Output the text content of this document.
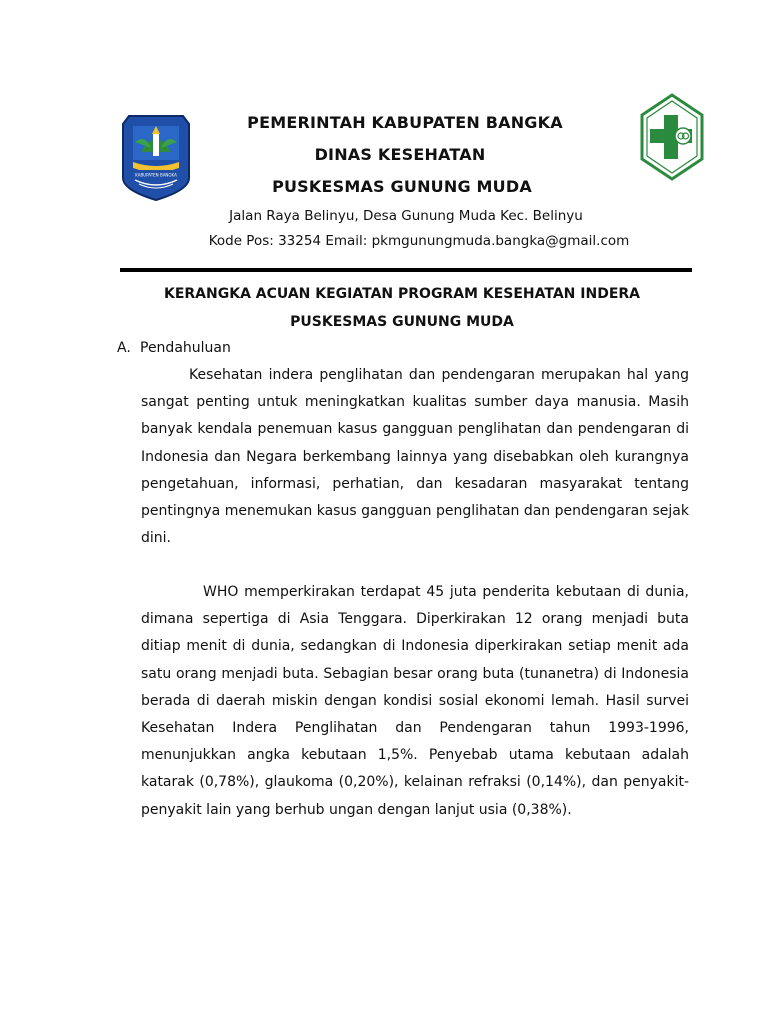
KABUPATEN BANGKA
PEMERINTAH KABUPATEN BANGKA
DINAS KESEHATAN
PUSKESMAS GUNUNG MUDA
Jalan Raya Belinyu, Desa Gunung Muda Kec. Belinyu
Kode Pos: 33254 Email: pkmgunungmuda.bangka@gmail.com
KERANGKA ACUAN KEGIATAN PROGRAM KESEHATAN INDERA
PUSKESMAS GUNUNG MUDA
A. Pendahuluan

Kesehatan indera penglihatan dan pendengaran merupakan hal yang sangat penting untuk meningkatkan kualitas sumber daya manusia. Masih banyak kendala penemuan kasus gangguan penglihatan dan pendengaran di Indonesia dan Negara berkembang lainnya yang disebabkan oleh kurangnya pengetahuan, informasi, perhatian, dan kesadaran masyarakat tentang pentingnya menemukan kasus gangguan penglihatan dan pendengaran sejak dini.

WHO memperkirakan terdapat 45 juta penderita kebutaan di dunia, dimana sepertiga di Asia Tenggara. Diperkirakan 12 orang menjadi buta ditiap menit di dunia, sedangkan di Indonesia diperkirakan setiap menit ada satu orang menjadi buta. Sebagian besar orang buta (tunanetra) di Indonesia berada di daerah miskin dengan kondisi sosial ekonomi lemah. Hasil survei Kesehatan Indera Penglihatan dan Pendengaran tahun 1993-1996, menunjukkan angka kebutaan 1,5%. Penyebab utama kebutaan adalah katarak (0,78%), glaukoma (0,20%), kelainan refraksi (0,14%), dan penyakit-penyakit lain yang berhub ungan dengan lanjut usia (0,38%).
